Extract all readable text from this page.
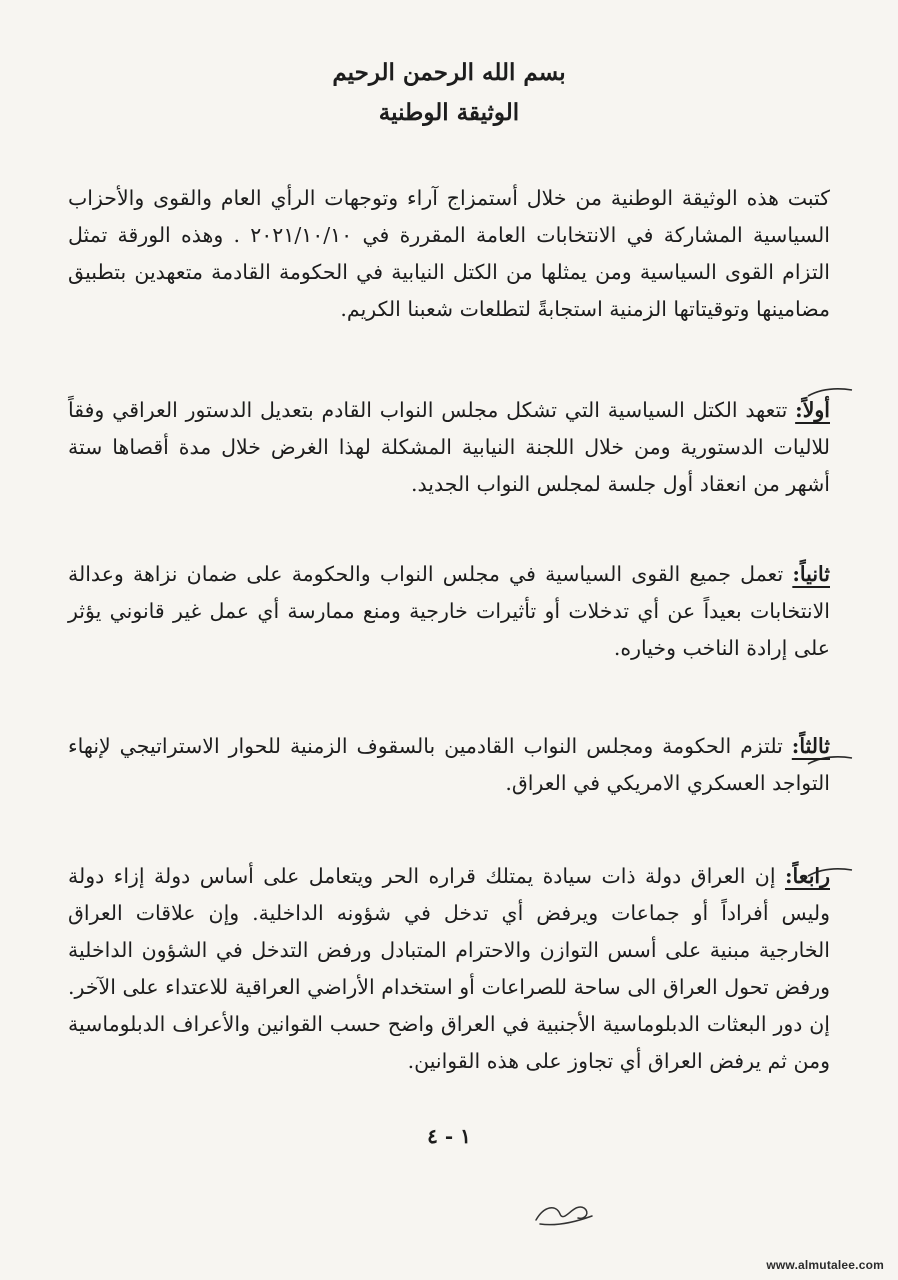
بسم الله الرحمن الرحيم

الوثيقة الوطنية

كتبت هذه الوثيقة الوطنية من خلال أستمزاج آراء وتوجهات الرأي العام والقوى والأحزاب السياسية المشاركة في الانتخابات العامة المقررة في ٢٠٢١/١٠/١٠ . وهذه الورقة تمثل التزام القوى السياسية ومن يمثلها من الكتل النيابية في الحكومة القادمة متعهدين بتطبيق مضامينها وتوقيتاتها الزمنية استجابةً لتطلعات شعبنا الكريم.

أولاً: تتعهد الكتل السياسية التي تشكل مجلس النواب القادم بتعديل الدستور العراقي وفقاً للاليات الدستورية ومن خلال اللجنة النيابية المشكلة لهذا الغرض خلال مدة أقصاها ستة أشهر من انعقاد أول جلسة لمجلس النواب الجديد.

ثانياً: تعمل جميع القوى السياسية في مجلس النواب والحكومة على ضمان نزاهة وعدالة الانتخابات بعيداً عن أي تدخلات أو تأثيرات خارجية ومنع ممارسة أي عمل غير قانوني يؤثر على إرادة الناخب وخياره.

ثالثاً: تلتزم الحكومة ومجلس النواب القادمين بالسقوف الزمنية للحوار الاستراتيجي لإنهاء التواجد العسكري الامريكي في العراق.

رابعاً: إن العراق دولة ذات سيادة يمتلك قراره الحر ويتعامل على أساس دولة إزاء دولة وليس أفراداً أو جماعات ويرفض أي تدخل في شؤونه الداخلية. وإن علاقات العراق الخارجية مبنية على أسس التوازن والاحترام المتبادل ورفض التدخل في الشؤون الداخلية ورفض تحول العراق الى ساحة للصراعات أو استخدام الأراضي العراقية للاعتداء على الآخر. إن دور البعثات الدبلوماسية الأجنبية في العراق واضح حسب القوانين والأعراف الدبلوماسية ومن ثم يرفض العراق أي تجاوز على هذه القوانين.

١ - ٤
www.almutalee.com
